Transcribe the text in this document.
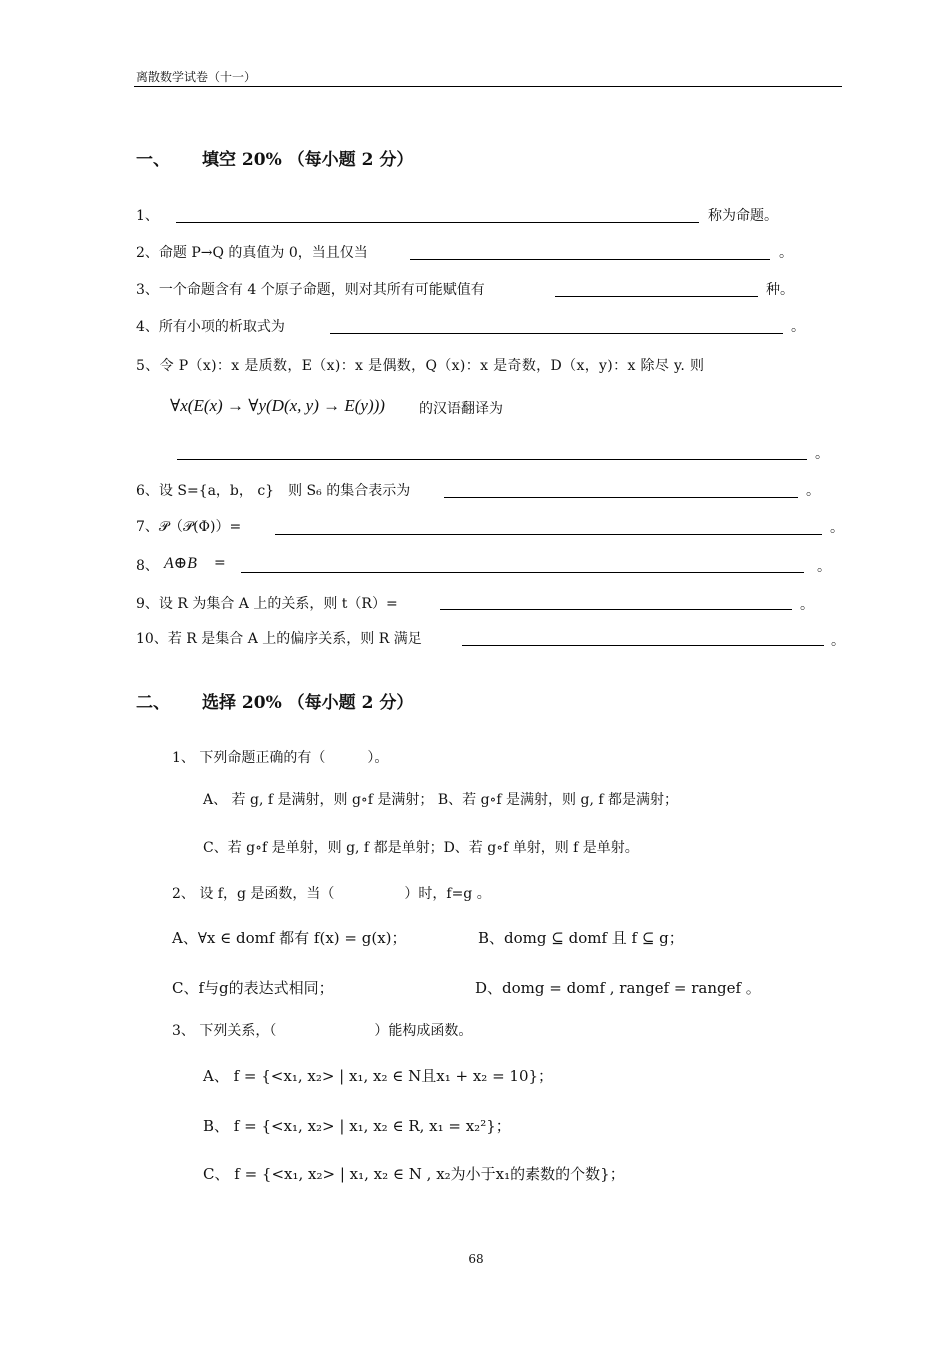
离散数学试卷（十一）
一、 填空 20% （每小题 2 分）
1、	称为命题。
2、命题 P→Q 的真值为 0，当且仅当	。
3、一个命题含有 4 个原子命题，则对其所有可能赋值有	种。
4、所有小项的析取式为	。
5、令 P（x)：x 是质数，E（x)：x 是偶数，Q（x)：x 是奇数，D（x，y)：x 除尽 y. 则
∀x(E(x) → ∀y(D(x, y) → E(y))) 的汉语翻译为
。
6、设 S={a，b， c}　则 S₆ 的集合表示为	。
7、𝒫（𝒫(Φ)）=	。
8、 A⊕B =	。
9、设 R 为集合 A 上的关系，则 t（R）=	。
10、若 R 是集合 A 上的偏序关系，则 R 满足	。
二、 选择 20% （每小题 2 分）
1、 下列命题正确的有（　　　）。
A、 若 g, f 是满射，则 g∘f 是满射； B、若 g∘f 是满射，则 g, f 都是满射；
C、若 g∘f 是单射，则 g, f 都是单射；D、若 g∘f 单射，则 f 是单射。
2、 设 f，g 是函数，当（　　　　　）时，f=g 。
A、∀x ∈ domf 都有 f(x) = g(x)；	B、domg ⊆ domf 且 f ⊆ g；
C、f与g的表达式相同；	D、domg = domf , rangef = rangef 。
3、 下列关系，（　　　　　　　）能构成函数。
A、 f = {<x₁, x₂> | x₁, x₂ ∈ N且x₁ + x₂ = 10}；
B、 f = {<x₁, x₂> | x₁, x₂ ∈ R, x₁ = x₂²}；
C、 f = {<x₁, x₂> | x₁, x₂ ∈ N , x₂为小于x₁的素数的个数}；
68
